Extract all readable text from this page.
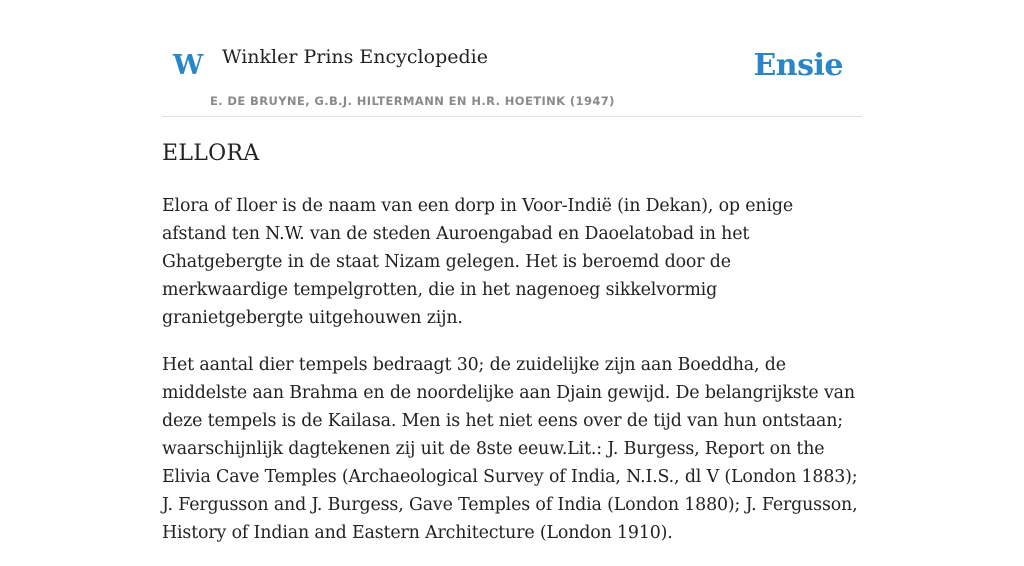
W Winkler Prins Encyclopedie
E. DE BRUYNE, G.B.J. HILTERMANN EN H.R. HOETINK (1947)
Ensie
ELLORA

Elora of Iloer is de naam van een dorp in Voor-Indië (in Dekan), op enige afstand ten N.W. van de steden Auroengabad en Daoelatobad in het Ghatgebergte in de staat Nizam gelegen. Het is beroemd door de merkwaardige tempelgrotten, die in het nagenoeg sikkelvormig granietgebergte uitgehouwen zijn.

Het aantal dier tempels bedraagt 30; de zuidelijke zijn aan Boeddha, de middelste aan Brahma en de noordelijke aan Djain gewijd. De belangrijkste van deze tempels is de Kailasa. Men is het niet eens over de tijd van hun ontstaan; waarschijnlijk dagtekenen zij uit de 8ste eeuw.Lit.: J. Burgess, Report on the Elivia Cave Temples (Archaeological Survey of India, N.I.S., dl V (London 1883); J. Fergusson and J. Burgess, Gave Temples of India (London 1880); J. Fergusson, History of Indian and Eastern Architecture (London 1910).
